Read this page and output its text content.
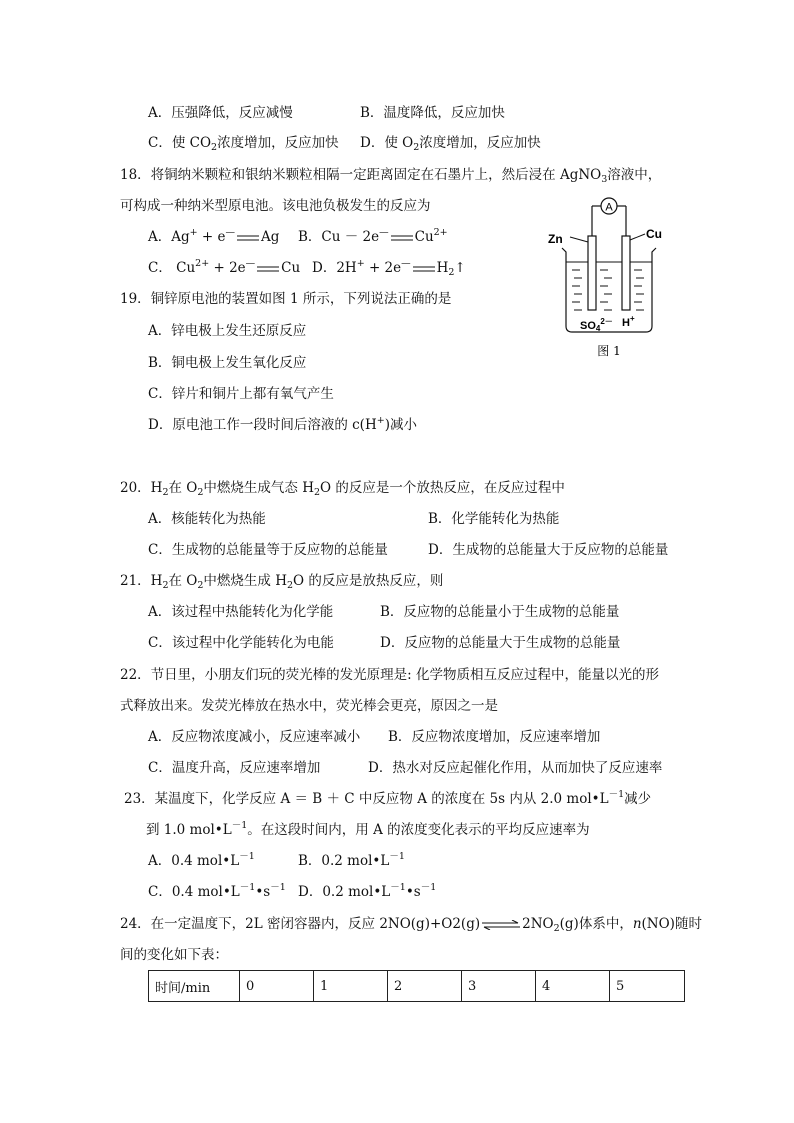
A．压强降低，反应减慢	B．温度降低，反应加快
C．使 $CO_2$浓度增加，反应加快 D．使 $O_2$浓度增加，反应加快
18．将铜纳米颗粒和银纳米颗粒相隔一定距离固定在石墨片上，然后浸在 AgNO$_3$溶液中，
可构成一种纳米型原电池。该电池负极发生的反应为
A．Ag+ + e— Ag B．Cu － 2e— $Cu^{2+}$
C． $Cu^{2+} + 2e^—$ Cu D．2H+ + 2e— $H_2↑$
19．铜锌原电池的装置如图 1 所示，下列说法正确的是
A．锌电极上发生还原反应
B．铜电极上发生氧化反应
C．锌片和铜片上都有氧气产生
D．原电池工作一段时间后溶液的 c(H+)减小
A
Zn	Cu
$SO4^{2-}$ H+
图 1
20．$H_2$在 $O_2$中燃烧生成气态 $H_2O$ 的反应是一个放热反应，在反应过程中
A．核能转化为热能	B．化学能转化为热能
C．生成物的总能量等于反应物的总能量	D．生成物的总能量大于反应物的总能量
21．$H_2$在 $O_2$中燃烧生成 $H_2O$ 的反应是放热反应，则
A．该过程中热能转化为化学能	B．反应物的总能量小于生成物的总能量
C．该过程中化学能转化为电能	D．反应物的总能量大于生成物的总能量
22．节日里，小朋友们玩的荧光棒的发光原理是: 化学物质相互反应过程中，能量以光的形
式释放出来。发荧光棒放在热水中，荧光棒会更亮，原因之一是
A．反应物浓度减小，反应速率减小 B．反应物浓度增加，反应速率增加
C．温度升高，反应速率增加	D．热水对反应起催化作用，从而加快了反应速率
23．某温度下，化学反应 A ＝ B ＋ C 中反应物 A 的浓度在 5s 内从 2.0 $mol•L^{-1}$减少
到 1.0 $mol•L^{-1}$。在这段时间内，用 A 的浓度变化表示的平均反应速率为
A．0.4 $mol•L^{-1}$	B．0.2 $mol•L^{-1}$
C．0.4 $mol•L^{-1}•s^{-1}$ D．0.2 $mol•L^{-1}•s^{-1}$
24．在一定温度下，2L 密闭容器内，反应 2NO(g)+O2(g) ⇌ $2NO_2(g)$体系中，n(NO)随时
间的变化如下表：
时间/min	0	1	2	3	4	5
